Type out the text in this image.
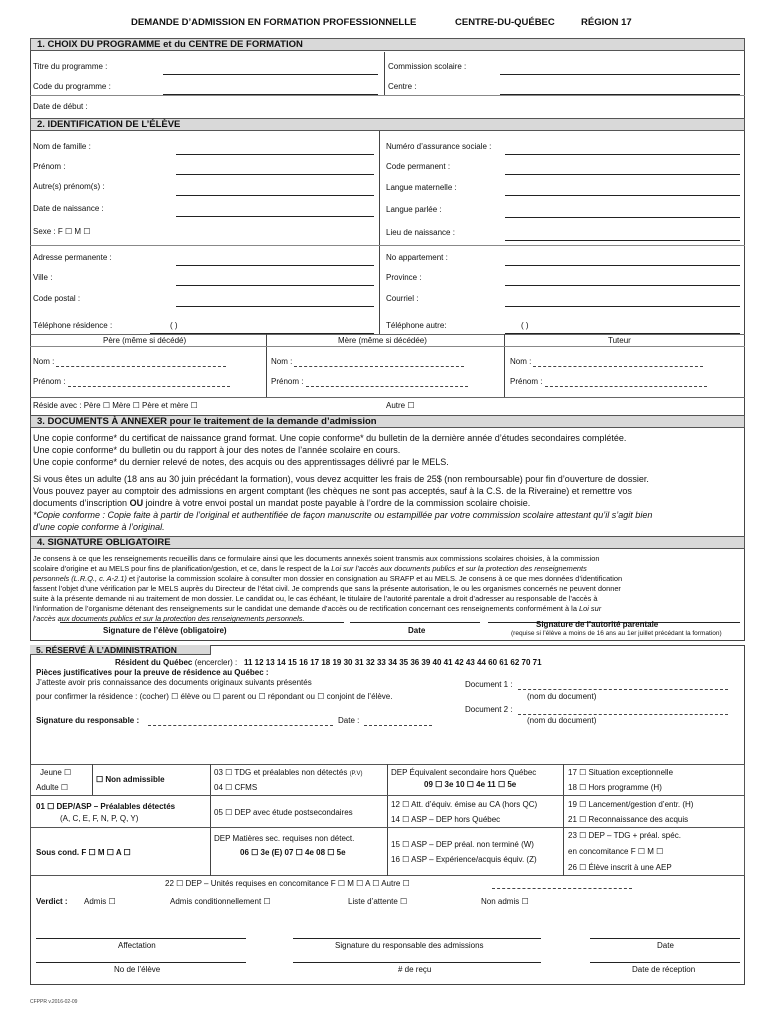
DEMANDE D’ADMISSION EN FORMATION PROFESSIONNELLE	CENTRE-DU-QUÉBEC	RÉGION 17
1. CHOIX DU PROGRAMME et du CENTRE DE FORMATION
Titre du programme :
Code du programme :
Date de début :
Commission scolaire :
Centre :
2. IDENTIFICATION DE L’ÉLÈVE
Nom de famille :
Prénom :
Autre(s) prénom(s) :
Date de naissance :
Sexe : F ☐ M ☐
Numéro d’assurance sociale :
Code permanent :
Langue maternelle :
Langue parlée :
Lieu de naissance :
Adresse permanente :
Ville :
Code postal :
Téléphone résidence :	( )
No appartement :
Province :
Courriel :
Téléphone autre:	( )
Père (même si décédé)	Mère (même si décédée)	Tuteur
Nom :
Prénom :
Nom :
Prénom :
Nom :
Prénom :
Réside avec : Père ☐ Mère ☐ Père et mère ☐	Autre ☐
3. DOCUMENTS À ANNEXER pour le traitement de la demande d’admission
Une copie conforme* du certificat de naissance grand format. Une copie conforme* du bulletin de la dernière année d’études secondaires complétée.
Une copie conforme* du bulletin ou du rapport à jour des notes de l’année scolaire en cours.
Une copie conforme* du dernier relevé de notes, des acquis ou des apprentissages délivré par le MELS.
Si vous êtes un adulte (18 ans au 30 juin précédant la formation), vous devez acquitter les frais de 25$ (non remboursable) pour fin d’ouverture de dossier.
Vous pouvez payer au comptoir des admissions en argent comptant (les chèques ne sont pas acceptés, sauf à la C.S. de la Riveraine) et remettre vos
documents d’inscription OU joindre à votre envoi postal un mandat poste payable à l’ordre de la commission scolaire choisie.
*Copie conforme : Copie faite à partir de l’original et authentifiée de façon manuscrite ou estampillée par votre commission scolaire attestant qu’il s’agit bien
d’une copie conforme à l’original.
4. SIGNATURE OBLIGATOIRE
Je consens à ce que les renseignements recueillis dans ce formulaire ainsi que les documents annexés soient transmis aux commissions scolaires choisies, à la commission
scolaire d’origine et au MELS pour fins de planification/gestion, et ce, dans le respect de la Loi sur l’accès aux documents publics et sur la protection des renseignements
personnels (L.R.Q., c. A-2.1) et j’autorise la commission scolaire à consulter mon dossier en consignation au SRAFP et au MELS. Je consens à ce que mes données d’identification
fassent l’objet d’une vérification par le MELS auprès du Directeur de l’état civil. Je comprends que sans la présente autorisation, le ou les organismes concernés ne peuvent donner
suite à la présente demande ni au traitement de mon dossier. Le candidat ou, le cas échéant, le titulaire de l’autorité parentale a droit d’adresser au responsable de l’accès à
l’information de l’organisme détenant des renseignements sur le candidat une demande d’accès ou de rectification concernant ces renseignements conformément à la Loi sur
l’accès aux documents publics et sur la protection des renseignements personnels.
Signature de l’élève (obligatoire)	Date
Signature de l’autorité parentale
(requise si l’élève a moins de 16 ans au 1er juillet précédant la formation)
5. RÉSERVÉ À L’ADMINISTRATION
Résident du Québec (encercler) : 11 12 13 14 15 16 17 18 19 30 31 32 33 34 35 36 39 40 41 42 43 44 60 61 62 70 71
Pièces justificatives pour la preuve de résidence au Québec :
J’atteste avoir pris connaissance des documents originaux suivants présentés	Document 1 :
pour confirmer la résidence : (cocher) ☐ élève ou ☐ parent ou ☐ répondant ou ☐ conjoint de l’élève.	(nom du document)
Document 2 :
Signature du responsable :	Date :	(nom du document)
Jeune ☐
Adulte ☐
☐ Non admissible
03 ☐ TDG et préalables non détectés (P.V)
04 ☐ CFMS
DEP Équivalent secondaire hors Québec
09 ☐ 3e 10 ☐ 4e 11 ☐ 5e
17 ☐ Situation exceptionnelle
18 ☐ Hors programme (H)
01 ☐ DEP/ASP – Préalables détectés
(A, C, E, F, N, P, Q, Y)
05 ☐ DEP avec étude postsecondaires
12 ☐ Att. d’équiv. émise au CA (hors QC)
14 ☐ ASP – DEP hors Québec
19 ☐ Lancement/gestion d’entr. (H)
21 ☐ Reconnaissance des acquis
Sous cond. F ☐ M ☐ A ☐
DEP Matières sec. requises non détect.
06 ☐ 3e (E) 07 ☐ 4e 08 ☐ 5e
15 ☐ ASP – DEP préal. non terminé (W)
16 ☐ ASP – Expérience/acquis équiv. (Z)
23 ☐ DEP – TDG + préal. spéc.
en concomitance F ☐ M ☐
26 ☐ Élève inscrit à une AEP
22 ☐ DEP – Unités requises en concomitance F ☐ M ☐ A ☐ Autre ☐
Verdict : Admis ☐	Admis conditionnellement ☐	Liste d’attente ☐	Non admis ☐
Affectation	Signature du responsable des admissions	Date
No de l’élève	# de reçu	Date de réception
CFPPR v.2016-02-09
